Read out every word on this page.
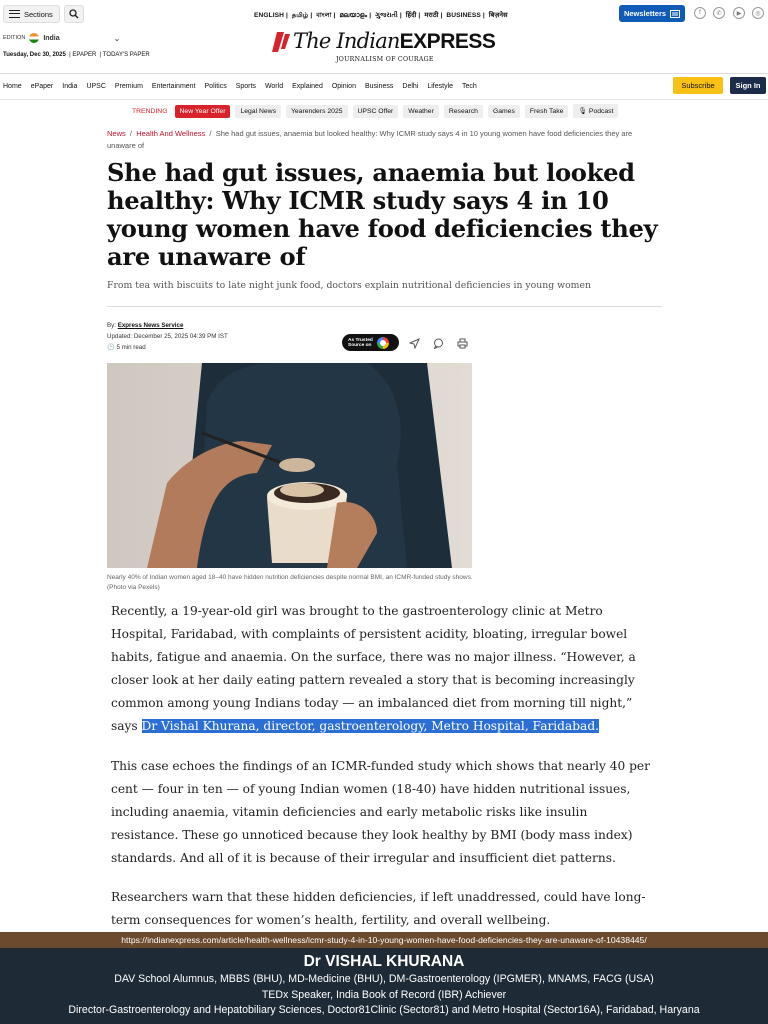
Sections	ENGLISH | தமிழ் | বাংলা | മലയാളം | ગુજરાતી | हिंदी | मराठी | BUSINESS | बिज़नेस	Newsletters	f	✆	▶	◎
EDITION	India	⌄
Tuesday, Dec 30, 2025  | EPAPER  | TODAY'S PAPER
The IndianEXPRESS
JOURNALISM OF COURAGE
Home ePaper India UPSC Premium Entertainment Politics Sports World Explained Opinion Business Delhi Lifestyle Tech	Subscribe	Sign In
TRENDING	New Year Offer	Legal News	Yearenders 2025	UPSC Offer	Weather	Research	Games	Fresh Take	🎙 Podcast
News  /  Health And Wellness  /  She had gut issues, anaemia but looked healthy: Why ICMR study says 4 in 10 young women have food deficiencies they are unaware of
She had gut issues, anaemia but looked healthy: Why ICMR study says 4 in 10 young women have food deficiencies they are unaware of
From tea with biscuits to late night junk food, doctors explain nutritional deficiencies in young women
By: Express News Service
Updated: December 25, 2025 04:39 PM IST
🕒 5 min read
As Trusted
Source on
Nearly 40% of Indian women aged 18–40 have hidden nutrition deficiencies despite normal BMI, an ICMR-funded study shows. (Photo via Pexels)

Recently, a 19-year-old girl was brought to the gastroenterology clinic at Metro Hospital, Faridabad, with complaints of persistent acidity, bloating, irregular bowel habits, fatigue and anaemia. On the surface, there was no major illness. “However, a closer look at her daily eating pattern revealed a story that is becoming increasingly common among young Indians today — an imbalanced diet from morning till night,” says Dr Vishal Khurana, director, gastroenterology, Metro Hospital, Faridabad.

This case echoes the findings of an ICMR-funded study which shows that nearly 40 per cent — four in ten — of young Indian women (18-40) have hidden nutritional issues, including anaemia, vitamin deficiencies and early metabolic risks like insulin resistance. These go unnoticed because they look healthy by BMI (body mass index) standards. And all of it is because of their irregular and insufficient diet patterns.

Researchers warn that these hidden deficiencies, if left unaddressed, could have long-term consequences for women’s health, fertility, and overall wellbeing.

https://indianexpress.com/article/health-wellness/icmr-study-4-in-10-young-women-have-food-deficiencies-they-are-unaware-of-10438445/
Dr VISHAL KHURANA
DAV School Alumnus, MBBS (BHU), MD-Medicine (BHU), DM-Gastroenterology (IPGMER), MNAMS, FACG (USA)
TEDx Speaker, India Book of Record (IBR) Achiever
Director-Gastroenterology and Hepatobiliary Sciences, Doctor81Clinic (Sector81) and Metro Hospital (Sector16A), Faridabad, Haryana
